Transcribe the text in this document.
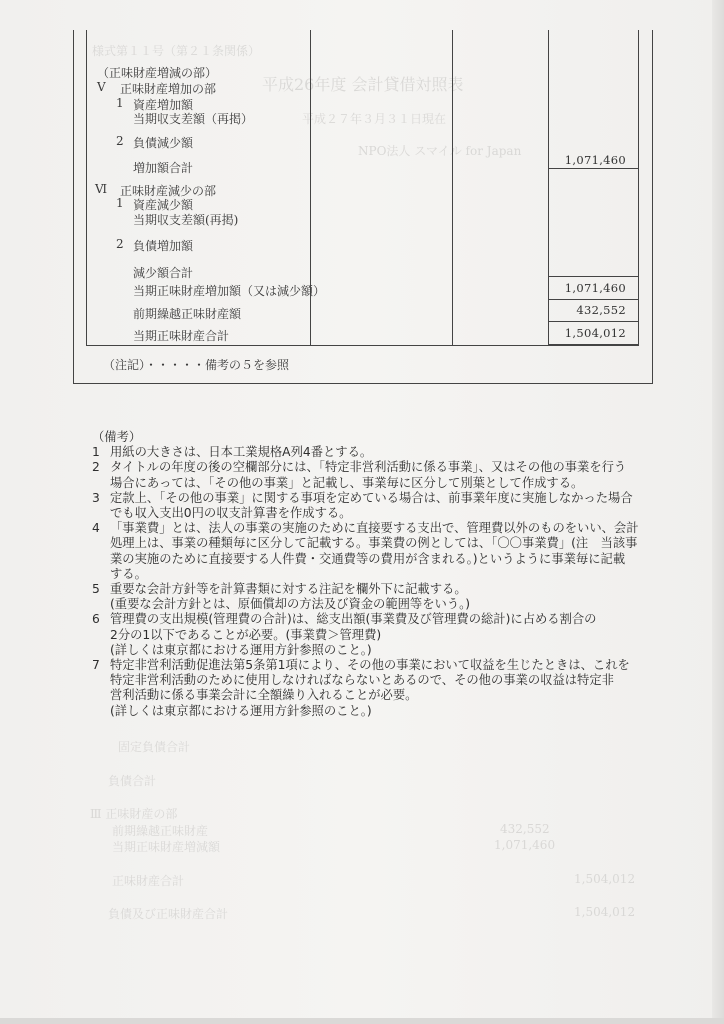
様式第１１号（第２１条関係）
平成26年度 会計貸借対照表
平成２７年３月３１日現在
NPO法人 スマイル for Japan
固定負債合計
負債合計
Ⅲ 正味財産の部
前期繰越正味財産
当期正味財産増減額
正味財産合計
負債及び正味財産合計
432,552
1,071,460
1,504,012
1,504,012
1,071,460
1,071,460
432,552
1,504,012
（正味財産増減の部）
Ⅴ 正味財産増加の部
1 資産増加額
当期収支差額（再掲）
2 負債減少額
増加額合計
Ⅵ 正味財産減少の部
1 資産減少額
当期収支差額(再掲)
2 負債増加額
減少額合計
当期正味財産増加額（又は減少額）
前期繰越正味財産額
当期正味財産合計
（注記）・・・・・備考の５を参照
（備考）
1 用紙の大きさは、日本工業規格A列4番とする。
2 タイトルの年度の後の空欄部分には、「特定非営利活動に係る事業」、又はその他の事業を行う
場合にあっては、「その他の事業」と記載し、事業毎に区分して別葉として作成する。
3 定款上、「その他の事業」に関する事項を定めている場合は、前事業年度に実施しなかった場合
でも収入支出0円の収支計算書を作成する。
4 「事業費」とは、法人の事業の実施のために直接要する支出で、管理費以外のものをいい、会計
処理上は、事業の種類毎に区分して記載する。事業費の例としては、「〇〇事業費」(注　当該事
業の実施のために直接要する人件費・交通費等の費用が含まれる。)というように事業毎に記載
する。
5 重要な会計方針等を計算書類に対する注記を欄外下に記載する。
(重要な会計方針とは、原価償却の方法及び資金の範囲等をいう。)
6 管理費の支出規模(管理費の合計)は、総支出額(事業費及び管理費の総計)に占める割合の
2分の1以下であることが必要。(事業費＞管理費)
(詳しくは東京都における運用方針参照のこと。)
7 特定非営利活動促進法第5条第1項により、その他の事業において収益を生じたときは、これを
特定非営利活動のために使用しなければならないとあるので、その他の事業の収益は特定非
営利活動に係る事業会計に全額繰り入れることが必要。
(詳しくは東京都における運用方針参照のこと。)
